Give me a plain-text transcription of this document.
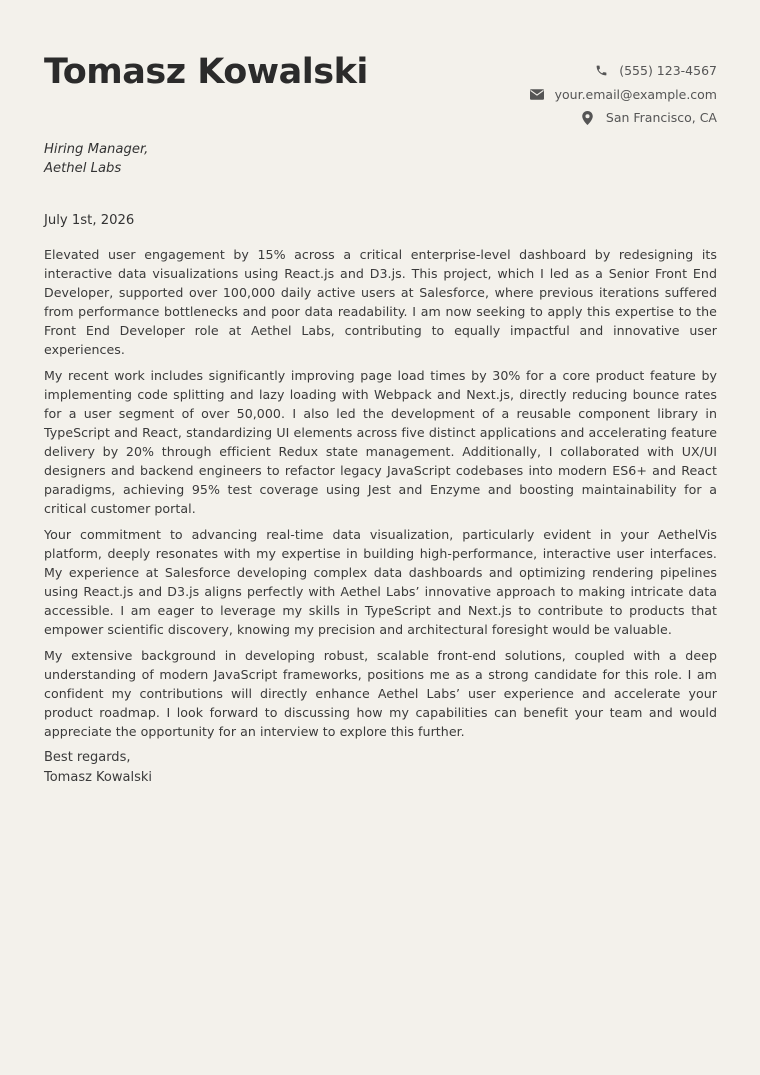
Tomasz Kowalski	(555) 123-4567
your.email@example.com
San Francisco, CA
Hiring Manager,
Aethel Labs
July 1st, 2026

Elevated user engagement by 15% across a critical enterprise-level dashboard by redesigning its interactive data visualizations using React.js and D3.js. This project, which I led as a Senior Front End Developer, supported over 100,000 daily active users at Salesforce, where previous iterations suffered from performance bottlenecks and poor data readability. I am now seeking to apply this expertise to the Front End Developer role at Aethel Labs, contributing to equally impactful and innovative user experiences.

My recent work includes significantly improving page load times by 30% for a core product feature by implementing code splitting and lazy loading with Webpack and Next.js, directly reducing bounce rates for a user segment of over 50,000. I also led the development of a reusable component library in TypeScript and React, standardizing UI elements across five distinct applications and accelerating feature delivery by 20% through efficient Redux state management. Additionally, I collaborated with UX/UI designers and backend engineers to refactor legacy JavaScript codebases into modern ES6+ and React paradigms, achieving 95% test coverage using Jest and Enzyme and boosting maintainability for a critical customer portal.

Your commitment to advancing real-time data visualization, particularly evident in your AethelVis platform, deeply resonates with my expertise in building high-performance, interactive user interfaces. My experience at Salesforce developing complex data dashboards and optimizing rendering pipelines using React.js and D3.js aligns perfectly with Aethel Labs’ innovative approach to making intricate data accessible. I am eager to leverage my skills in TypeScript and Next.js to contribute to products that empower scientific discovery, knowing my precision and architectural foresight would be valuable.

My extensive background in developing robust, scalable front-end solutions, coupled with a deep understanding of modern JavaScript frameworks, positions me as a strong candidate for this role. I am confident my contributions will directly enhance Aethel Labs’ user experience and accelerate your product roadmap. I look forward to discussing how my capabilities can benefit your team and would appreciate the opportunity for an interview to explore this further.

Best regards,
Tomasz Kowalski
